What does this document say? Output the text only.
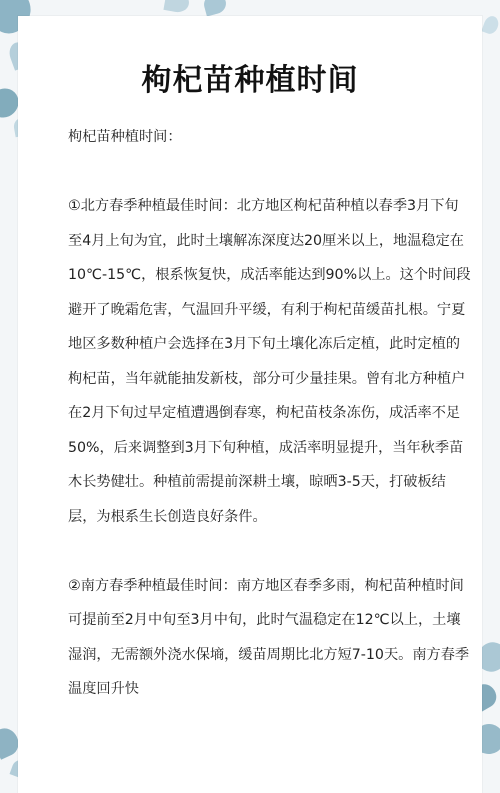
枸杞苗种植时间

枸杞苗种植时间：

①北方春季种植最佳时间：北方地区枸杞苗种植以春季3月下旬至4月上旬为宜，此时土壤解冻深度达20厘米以上，地温稳定在10℃-15℃，根系恢复快，成活率能达到90%以上。这个时间段避开了晚霜危害，气温回升平缓，有利于枸杞苗缓苗扎根。宁夏地区多数种植户会选择在3月下旬土壤化冻后定植，此时定植的枸杞苗，当年就能抽发新枝，部分可少量挂果。曾有北方种植户在2月下旬过早定植遭遇倒春寒，枸杞苗枝条冻伤，成活率不足50%，后来调整到3月下旬种植，成活率明显提升，当年秋季苗木长势健壮。种植前需提前深耕土壤，晾晒3-5天，打破板结层，为根系生长创造良好条件。

②南方春季种植最佳时间：南方地区春季多雨，枸杞苗种植时间可提前至2月中旬至3月中旬，此时气温稳定在12℃以上，土壤湿润，无需额外浇水保墒，缓苗周期比北方短7-10天。南方春季温度回升快
